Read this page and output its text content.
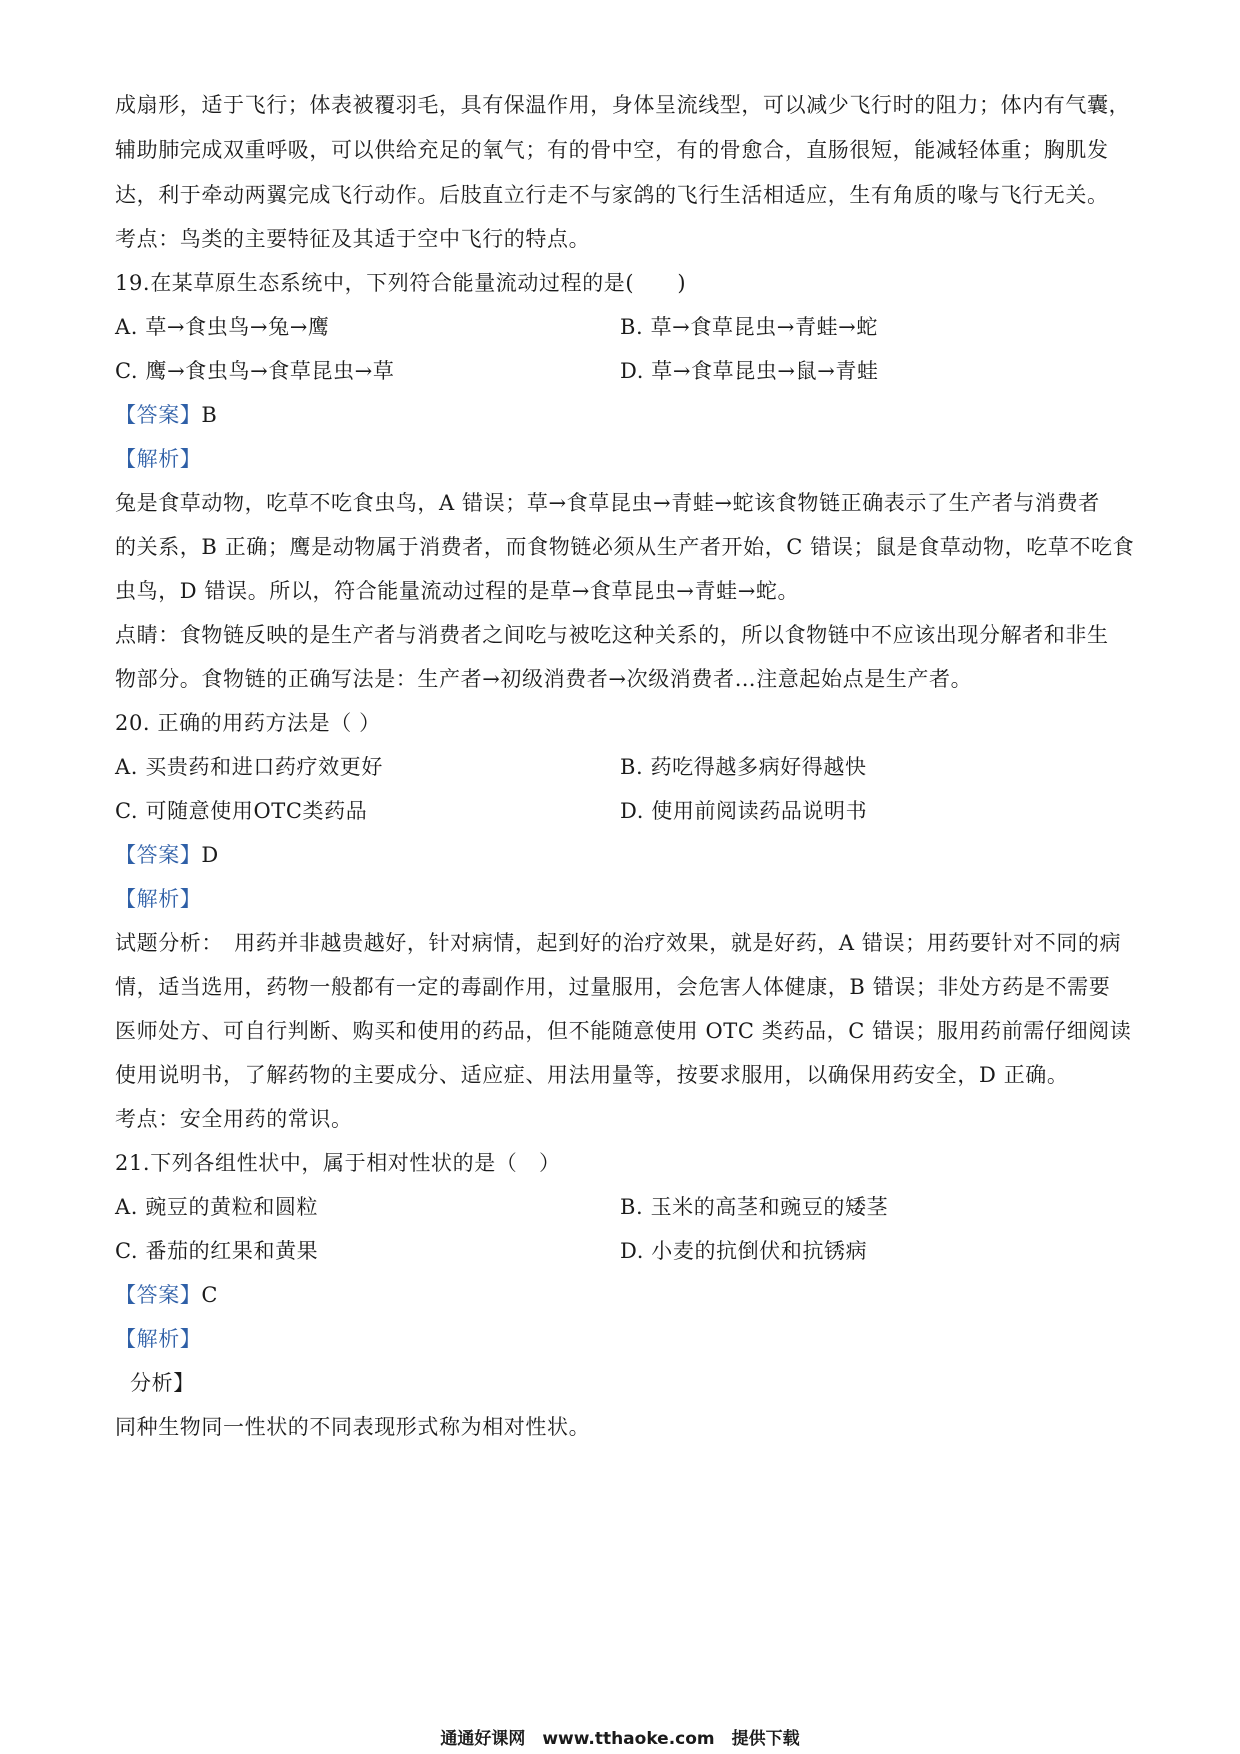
成扇形，适于飞行；体表被覆羽毛，具有保温作用，身体呈流线型，可以减少飞行时的阻力；体内有气囊，
辅助肺完成双重呼吸，可以供给充足的氧气；有的骨中空，有的骨愈合，直肠很短，能减轻体重；胸肌发
达，利于牵动两翼完成飞行动作。后肢直立行走不与家鸽的飞行生活相适应，生有角质的喙与飞行无关。
考点：鸟类的主要特征及其适于空中飞行的特点。
19.在某草原生态系统中，下列符合能量流动过程的是(　　)
A. 草→食虫鸟→兔→鹰	B. 草→食草昆虫→青蛙→蛇
C. 鹰→食虫鸟→食草昆虫→草	D. 草→食草昆虫→鼠→青蛙
【答案】B
【解析】
兔是食草动物，吃草不吃食虫鸟，A 错误；草→食草昆虫→青蛙→蛇该食物链正确表示了生产者与消费者
的关系，B 正确；鹰是动物属于消费者，而食物链必须从生产者开始，C 错误；鼠是食草动物，吃草不吃食
虫鸟，D 错误。所以，符合能量流动过程的是草→食草昆虫→青蛙→蛇。
点睛：食物链反映的是生产者与消费者之间吃与被吃这种关系的，所以食物链中不应该出现分解者和非生
物部分。食物链的正确写法是：生产者→初级消费者→次级消费者…注意起始点是生产者。
20. 正确的用药方法是（ ）
A. 买贵药和进口药疗效更好	B. 药吃得越多病好得越快
C. 可随意使用OTC类药品	D. 使用前阅读药品说明书
【答案】D
【解析】
试题分析：　用药并非越贵越好，针对病情，起到好的治疗效果，就是好药，A 错误；用药要针对不同的病
情，适当选用，药物一般都有一定的毒副作用，过量服用，会危害人体健康，B 错误；非处方药是不需要
医师处方、可自行判断、购买和使用的药品，但不能随意使用 OTC 类药品，C 错误；服用药前需仔细阅读
使用说明书，了解药物的主要成分、适应症、用法用量等，按要求服用，以确保用药安全，D 正确。
考点：安全用药的常识。
21.下列各组性状中，属于相对性状的是（　）
A. 豌豆的黄粒和圆粒	B. 玉米的高茎和豌豆的矮茎
C. 番茄的红果和黄果	D. 小麦的抗倒伏和抗锈病
【答案】C
【解析】
分析】
同种生物同一性状的不同表现形式称为相对性状。
通通好课网　www.tthaoke.com　提供下载
